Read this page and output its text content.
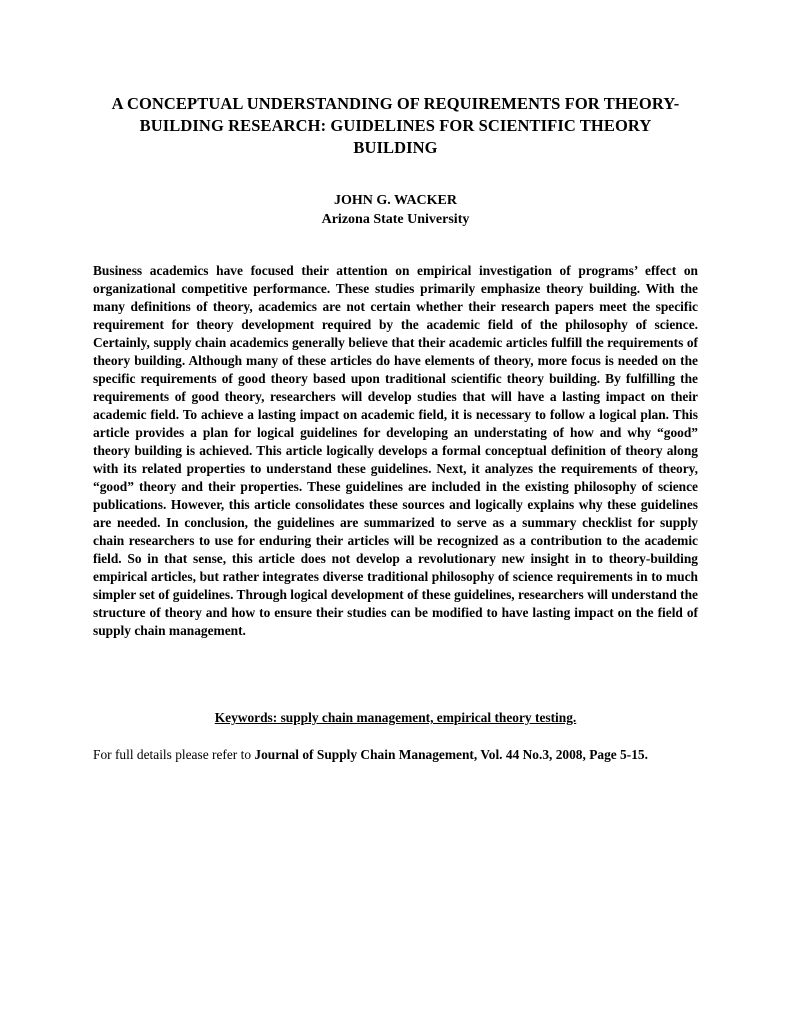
A CONCEPTUAL UNDERSTANDING OF REQUIREMENTS FOR THEORY-BUILDING RESEARCH: GUIDELINES FOR SCIENTIFIC THEORY BUILDING
JOHN G. WACKER
Arizona State University

Business academics have focused their attention on empirical investigation of programs’ effect on organizational competitive performance. These studies primarily emphasize theory building. With the many definitions of theory, academics are not certain whether their research papers meet the specific requirement for theory development required by the academic field of the philosophy of science. Certainly, supply chain academics generally believe that their academic articles fulfill the requirements of theory building. Although many of these articles do have elements of theory, more focus is needed on the specific requirements of good theory based upon traditional scientific theory building. By fulfilling the requirements of good theory, researchers will develop studies that will have a lasting impact on their academic field. To achieve a lasting impact on academic field, it is necessary to follow a logical plan. This article provides a plan for logical guidelines for developing an understating of how and why “good” theory building is achieved. This article logically develops a formal conceptual definition of theory along with its related properties to understand these guidelines. Next, it analyzes the requirements of theory, “good” theory and their properties. These guidelines are included in the existing philosophy of science publications. However, this article consolidates these sources and logically explains why these guidelines are needed. In conclusion, the guidelines are summarized to serve as a summary checklist for supply chain researchers to use for enduring their articles will be recognized as a contribution to the academic field. So in that sense, this article does not develop a revolutionary new insight in to theory-building empirical articles, but rather integrates diverse traditional philosophy of science requirements in to much simpler set of guidelines. Through logical development of these guidelines, researchers will understand the structure of theory and how to ensure their studies can be modified to have lasting impact on the field of supply chain management.

Keywords: supply chain management, empirical theory testing.

For full details please refer to Journal of Supply Chain Management, Vol. 44 No.3, 2008, Page 5-15.
